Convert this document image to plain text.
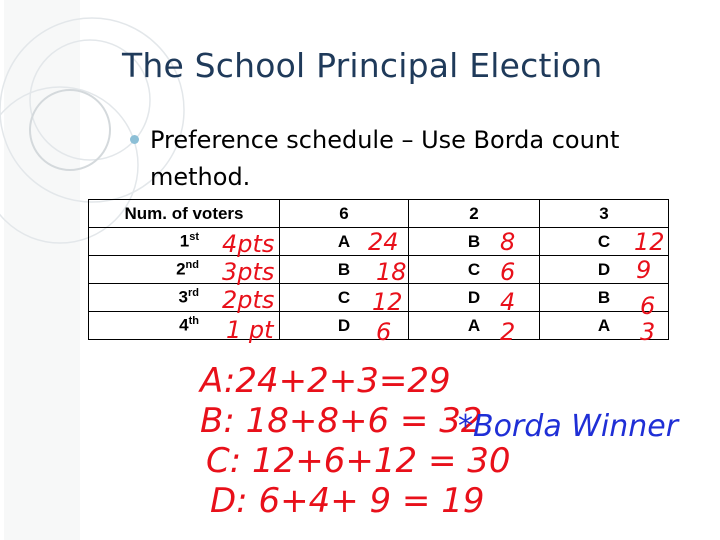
The School Principal Election
Preference schedule – Use Borda count method.
Num. of voters	6	2	3
1st	A	B	C
2nd	B	C	D
3rd	C	D	B
4th	D	A	A
4pts
3pts
2pts
1 pt
24	8	12
18	6	9
12	4	6
6	2	3
A:24+2+3=29
B: 18+8+6 = 32
C: 12+6+12 = 30
D: 6+4+ 9 = 19
*Borda Winner
